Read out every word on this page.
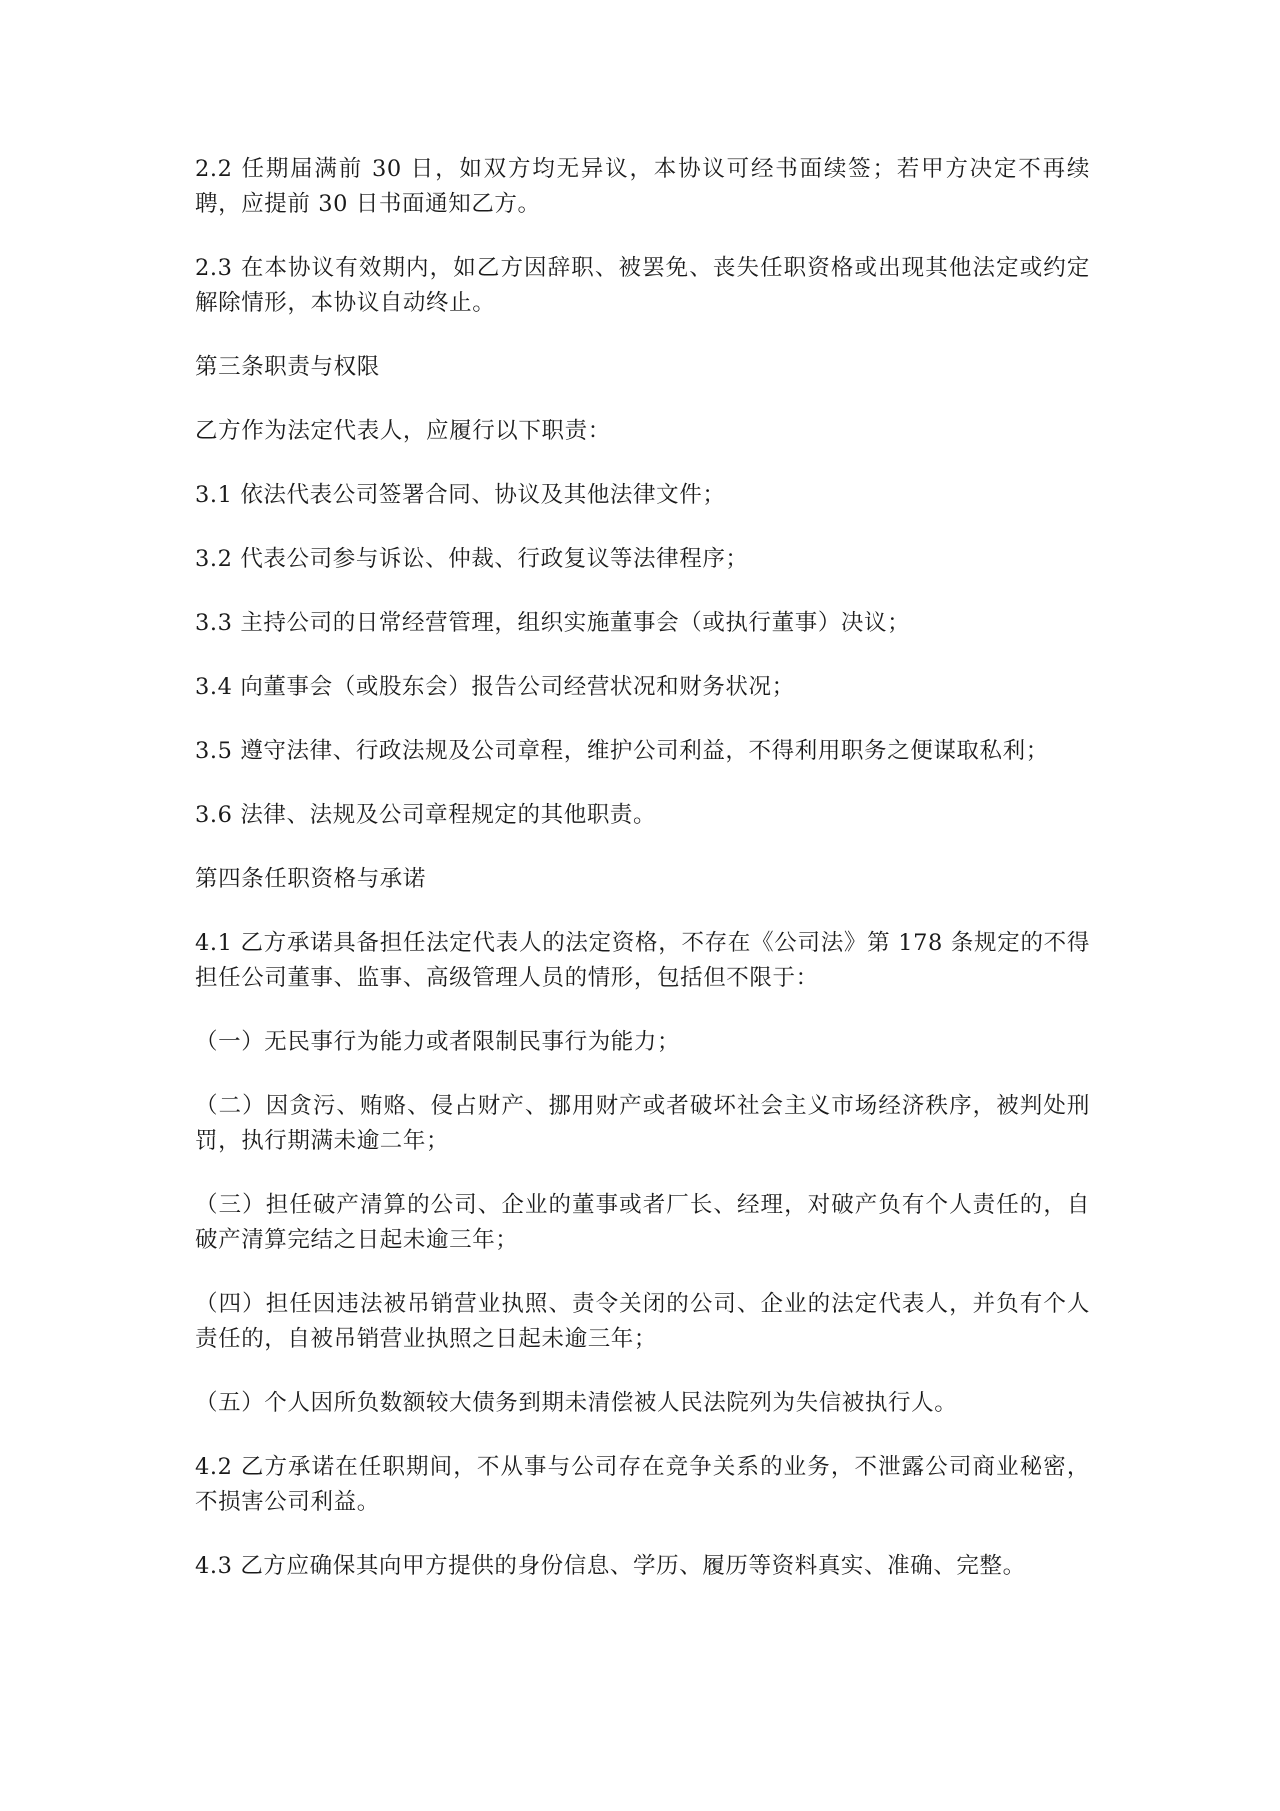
2.2 任期届满前 30 日，如双方均无异议，本协议可经书面续签；若甲方决定不再续聘，应提前 30 日书面通知乙方。

2.3 在本协议有效期内，如乙方因辞职、被罢免、丧失任职资格或出现其他法定或约定解除情形，本协议自动终止。

第三条职责与权限

乙方作为法定代表人，应履行以下职责：

3.1 依法代表公司签署合同、协议及其他法律文件；

3.2 代表公司参与诉讼、仲裁、行政复议等法律程序；

3.3 主持公司的日常经营管理，组织实施董事会（或执行董事）决议；

3.4 向董事会（或股东会）报告公司经营状况和财务状况；

3.5 遵守法律、行政法规及公司章程，维护公司利益，不得利用职务之便谋取私利；

3.6 法律、法规及公司章程规定的其他职责。

第四条任职资格与承诺

4.1 乙方承诺具备担任法定代表人的法定资格，不存在《公司法》第 178 条规定的不得担任公司董事、监事、高级管理人员的情形，包括但不限于：

（一）无民事行为能力或者限制民事行为能力；

（二）因贪污、贿赂、侵占财产、挪用财产或者破坏社会主义市场经济秩序，被判处刑罚，执行期满未逾二年；

（三）担任破产清算的公司、企业的董事或者厂长、经理，对破产负有个人责任的，自破产清算完结之日起未逾三年；

（四）担任因违法被吊销营业执照、责令关闭的公司、企业的法定代表人，并负有个人责任的，自被吊销营业执照之日起未逾三年；

（五）个人因所负数额较大债务到期未清偿被人民法院列为失信被执行人。

4.2 乙方承诺在任职期间，不从事与公司存在竞争关系的业务，不泄露公司商业秘密，不损害公司利益。

4.3 乙方应确保其向甲方提供的身份信息、学历、履历等资料真实、准确、完整。
